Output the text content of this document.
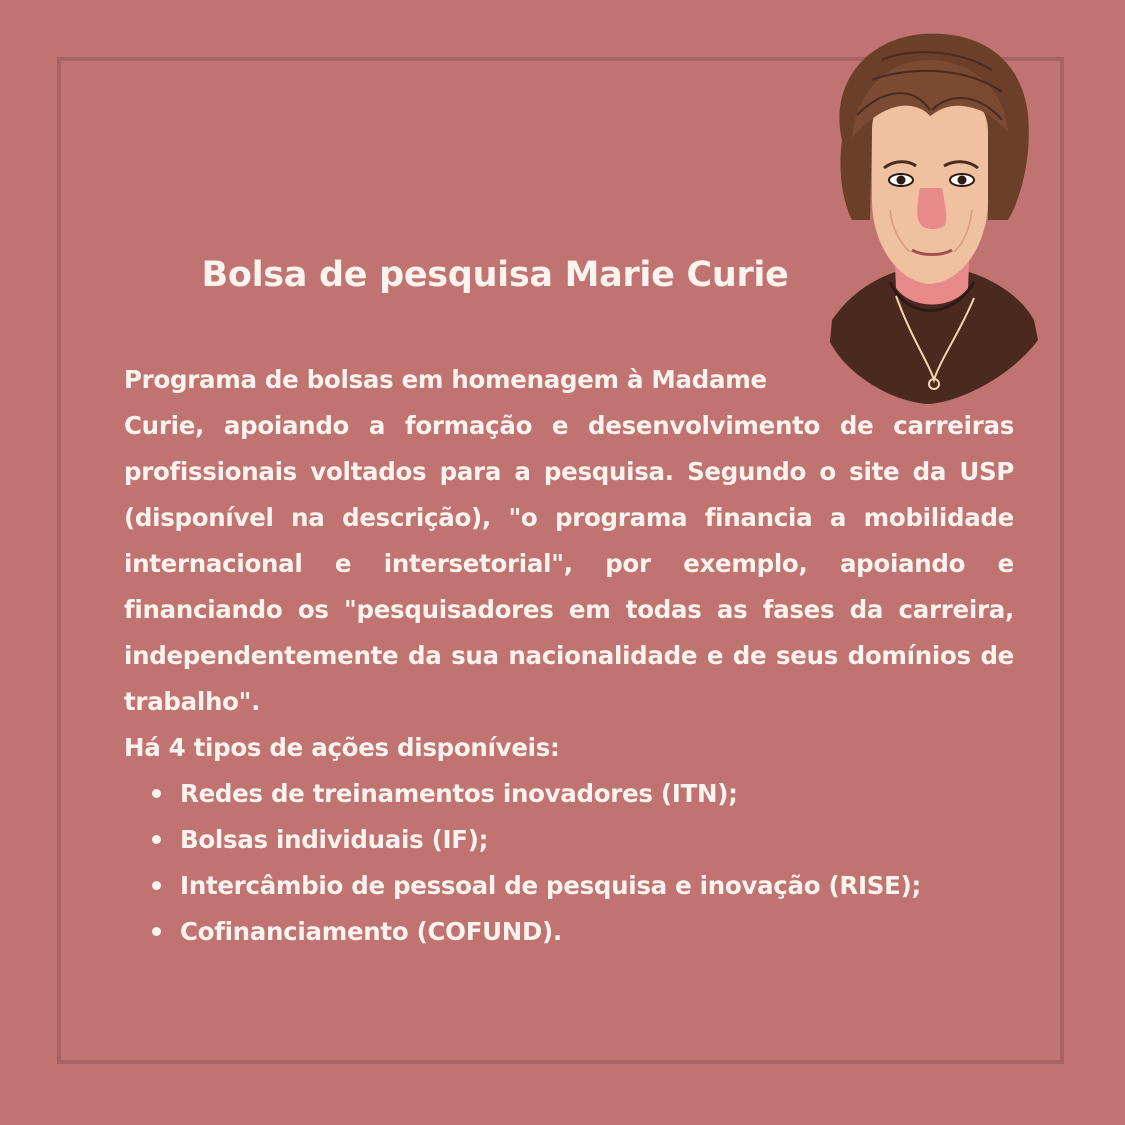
Bolsa de pesquisa Marie Curie

Programa de bolsas em homenagem à Madame
Curie, apoiando a formação e desenvolvimento de carreiras profissionais voltados para a pesquisa. Segundo o site da USP (disponível na descrição), "o programa financia a mobilidade internacional e intersetorial", por exemplo, apoiando e financiando os "pesquisadores em todas as fases da carreira, independentemente da sua nacionalidade e de seus domínios de trabalho".

Há 4 tipos de ações disponíveis:

Redes de treinamentos inovadores (ITN);
Bolsas individuais (IF);
Intercâmbio de pessoal de pesquisa e inovação (RISE);
Cofinanciamento (COFUND).
